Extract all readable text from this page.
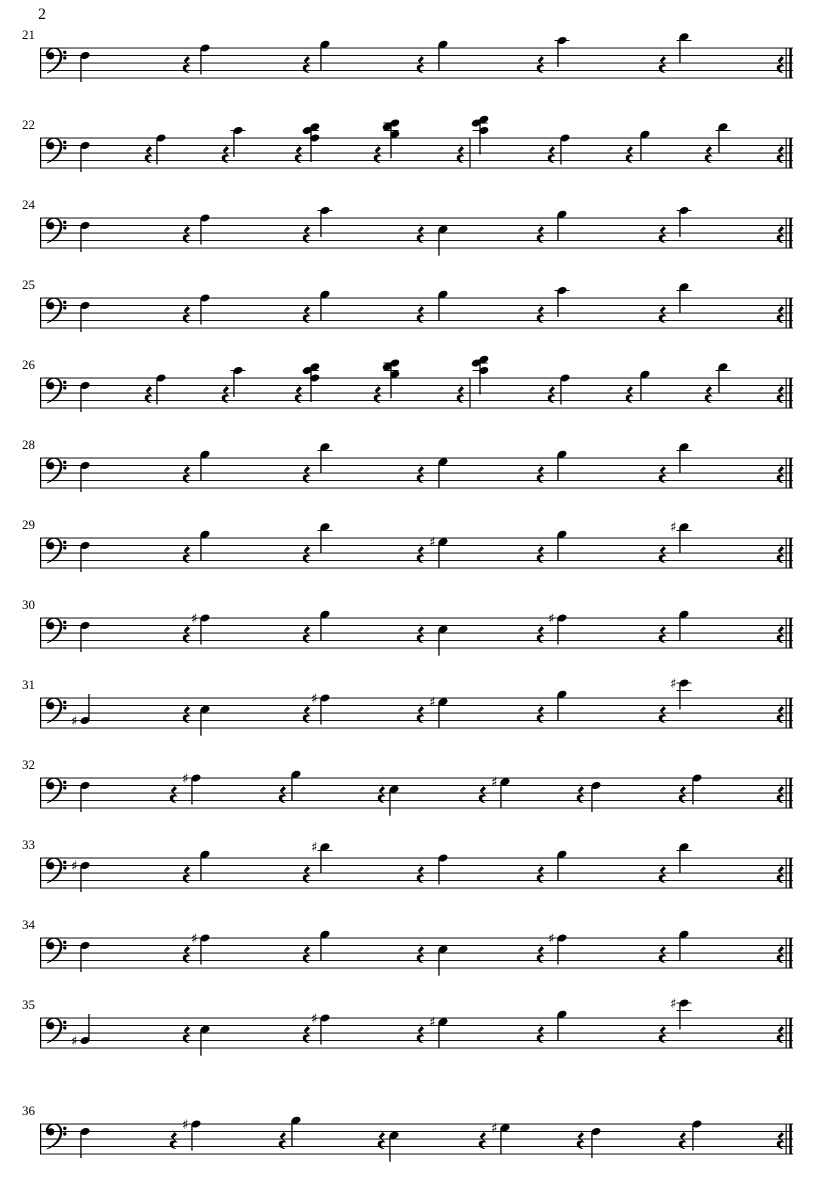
2
21
22
24
25
26
28
29
♯
♯
30
♯	♯
31
♯
♯	♯
♯
32
♯	♯
33
♯
♯
34
♯	♯
35
♯
♯	♯
♯
36
♯	♯
